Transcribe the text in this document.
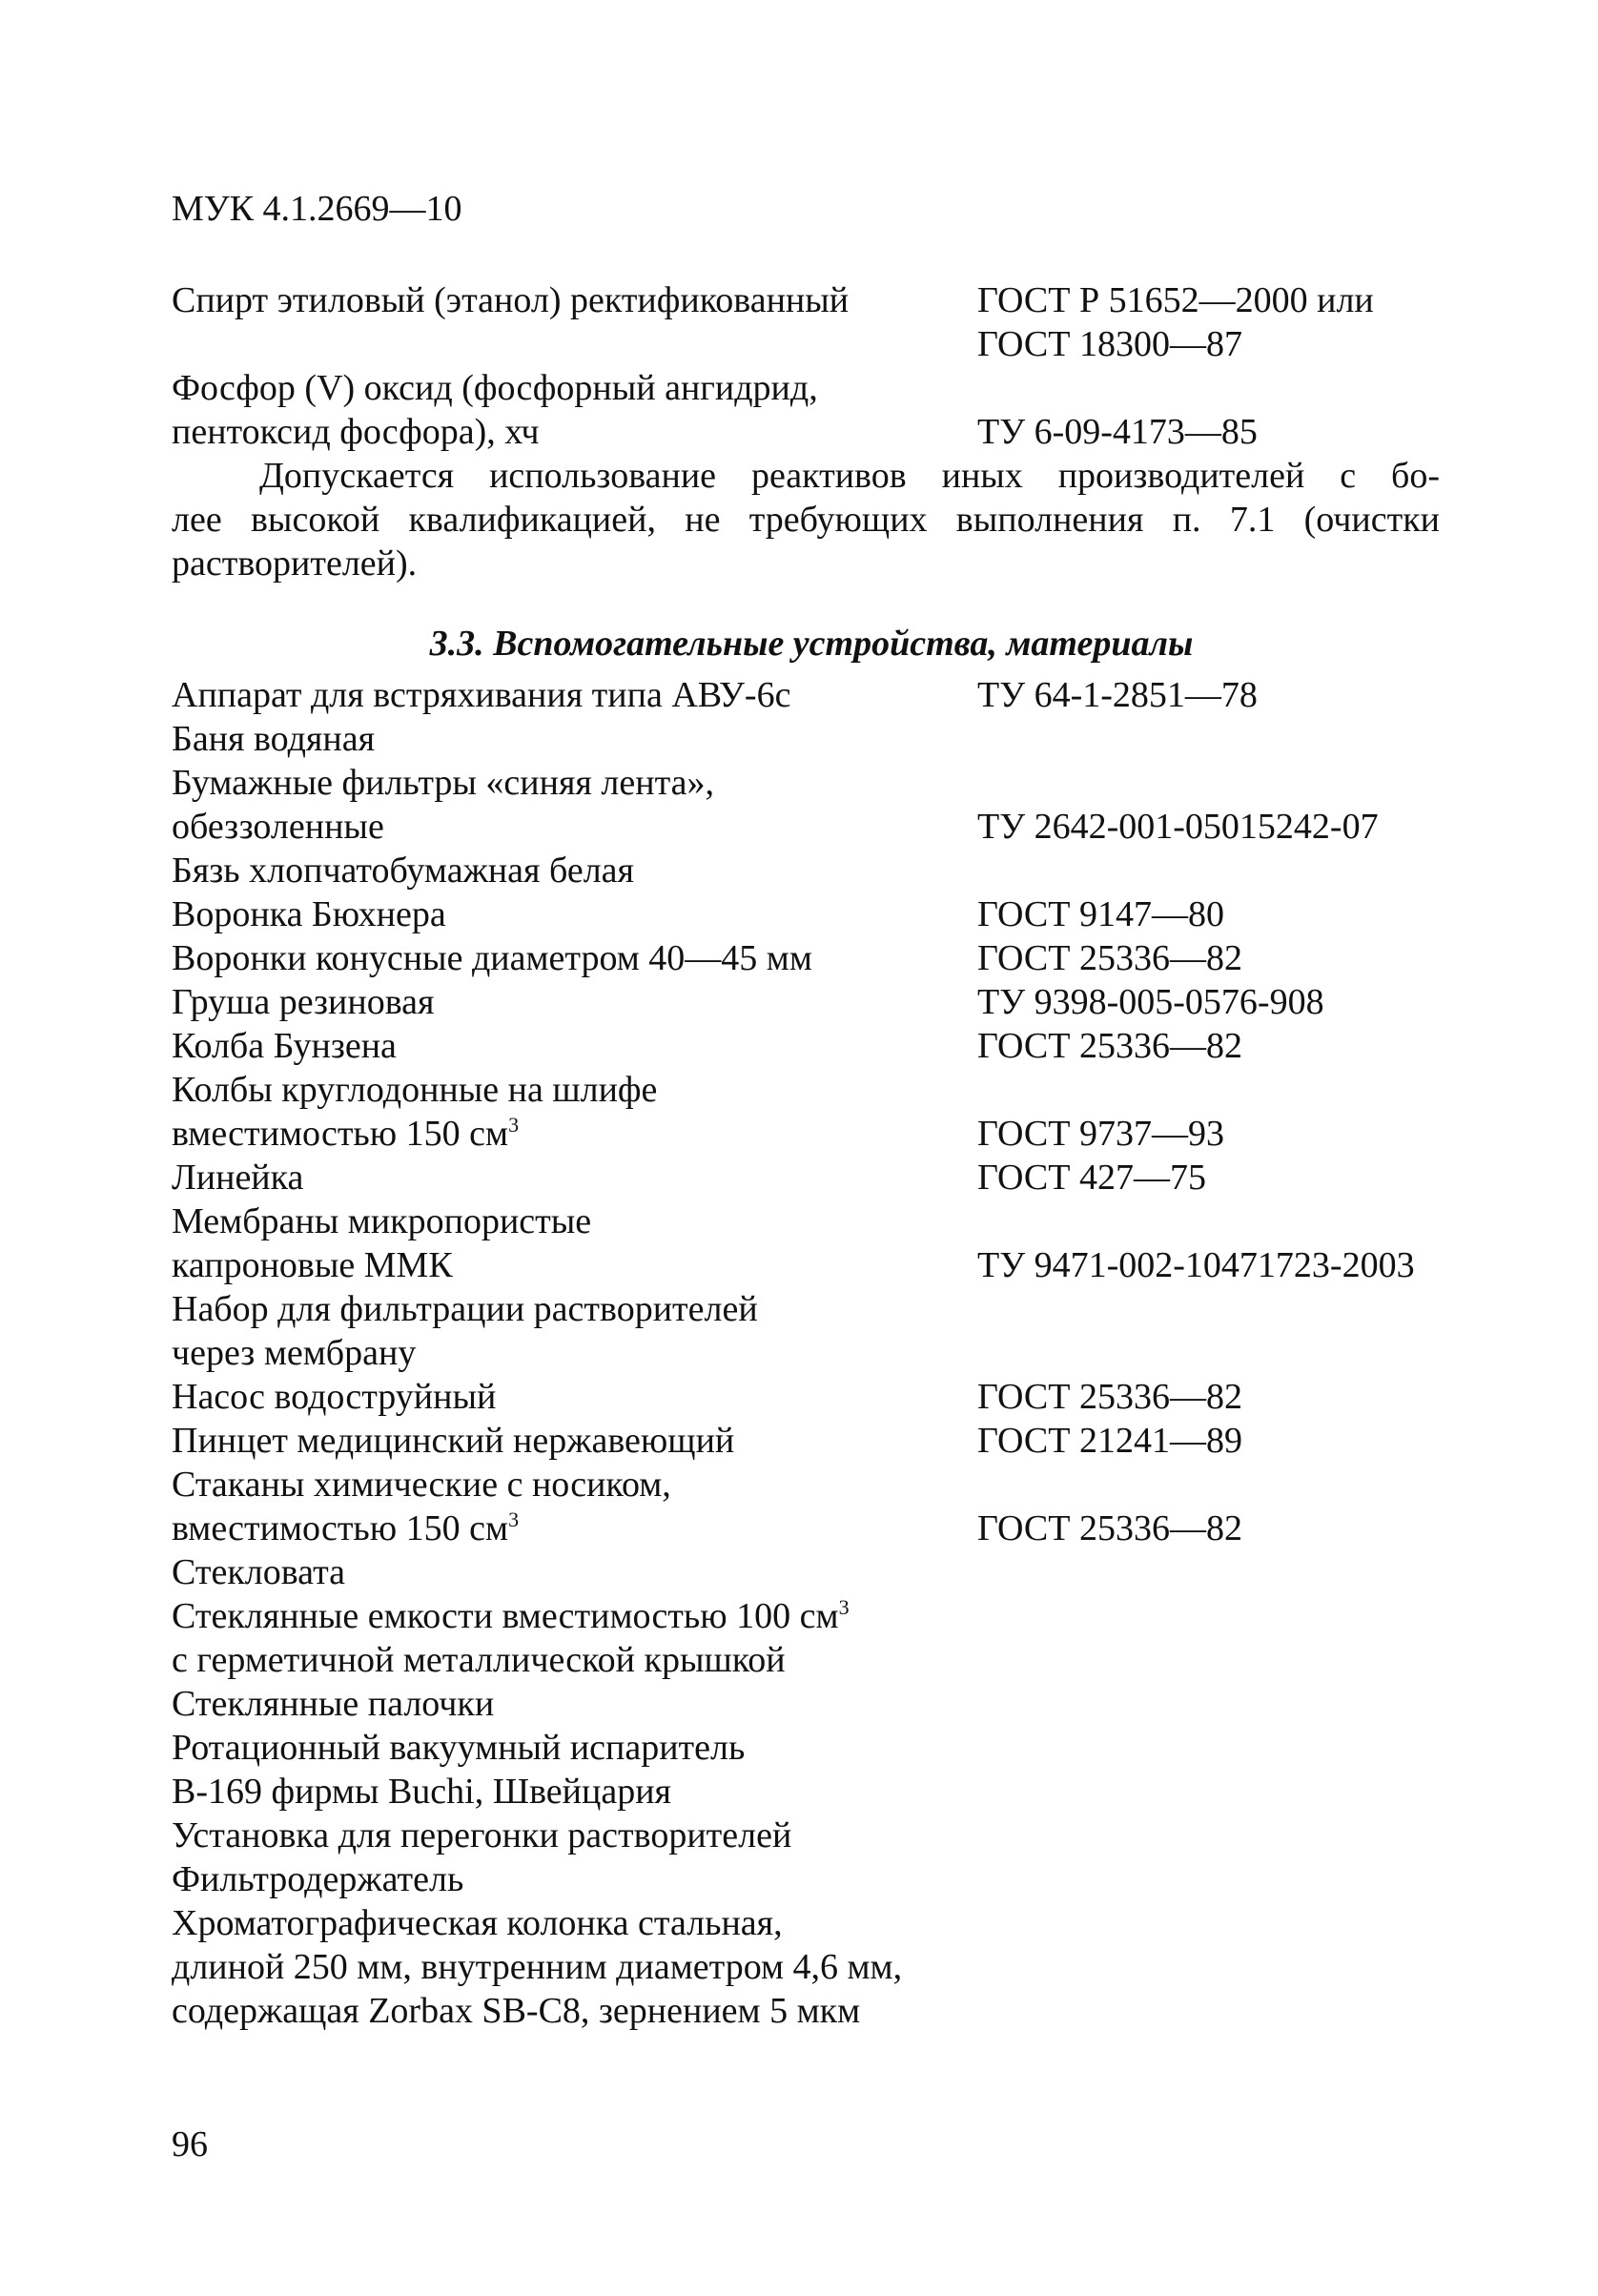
МУК 4.1.2669—10
Спирт этиловый (этанол) ректификованный	ГОСТ Р 51652—2000 или
ГОСТ 18300—87
Фосфор (V) оксид (фосфорный ангидрид,
пентоксид фосфора), хч	ТУ 6-09-4173—85
Допускается использование реактивов иных производителей с бо-
лее высокой квалификацией, не требующих выполнения п. 7.1 (очистки
растворителей).
3.3. Вспомогательные устройства, материалы
Аппарат для встряхивания типа АВУ-6с	ТУ 64-1-2851—78
Баня водяная
Бумажные фильтры «синяя лента»,
обеззоленные	ТУ 2642-001-05015242-07
Бязь хлопчатобумажная белая
Воронка Бюхнера	ГОСТ 9147—80
Воронки конусные диаметром 40—45 мм	ГОСТ 25336—82
Груша резиновая	ТУ 9398-005-0576-908
Колба Бунзена	ГОСТ 25336—82
Колбы круглодонные на шлифе
вместимостью 150 $см^3$	ГОСТ 9737—93
Линейка	ГОСТ 427—75
Мембраны микропористые
капроновые ММК	ТУ 9471-002-10471723-2003
Набор для фильтрации растворителей
через мембрану
Насос водоструйный	ГОСТ 25336—82
Пинцет медицинский нержавеющий	ГОСТ 21241—89
Стаканы химические с носиком,
вместимостью 150 $см^3$	ГОСТ 25336—82
Стекловата
Стеклянные емкости вместимостью 100 $см^3$
с герметичной металлической крышкой
Стеклянные палочки
Ротационный вакуумный испаритель
В-169 фирмы Buchi, Швейцария
Установка для перегонки растворителей
Фильтродержатель
Хроматографическая колонка стальная,
длиной 250 мм, внутренним диаметром 4,6 мм,
содержащая Zorbax SB-C8, зернением 5 мкм
96
